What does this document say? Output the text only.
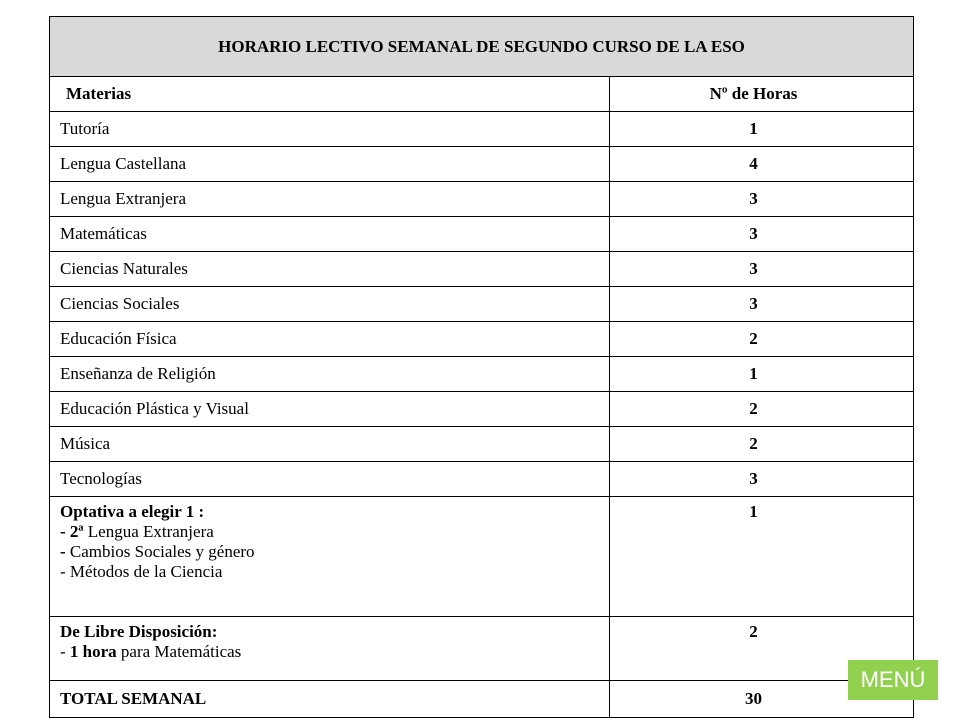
HORARIO LECTIVO SEMANAL DE SEGUNDO CURSO DE LA ESO	
Materias	Nº de Horas
Tutoría	1
Lengua Castellana	4
Lengua Extranjera	3
Matemáticas	3
Ciencias Naturales	3
Ciencias Sociales	3
Educación Física	2
Enseñanza de Religión	1
Educación Plástica y Visual	2
Música	2
Tecnologías	3

Optativa a elegir 1 :
- 2ª Lengua Extranjera
- Cambios Sociales y género
- Métodos de la Ciencia	1

De Libre Disposición:
- 1 hora para Matemáticas	2
TOTAL SEMANAL	30
MENÚ
